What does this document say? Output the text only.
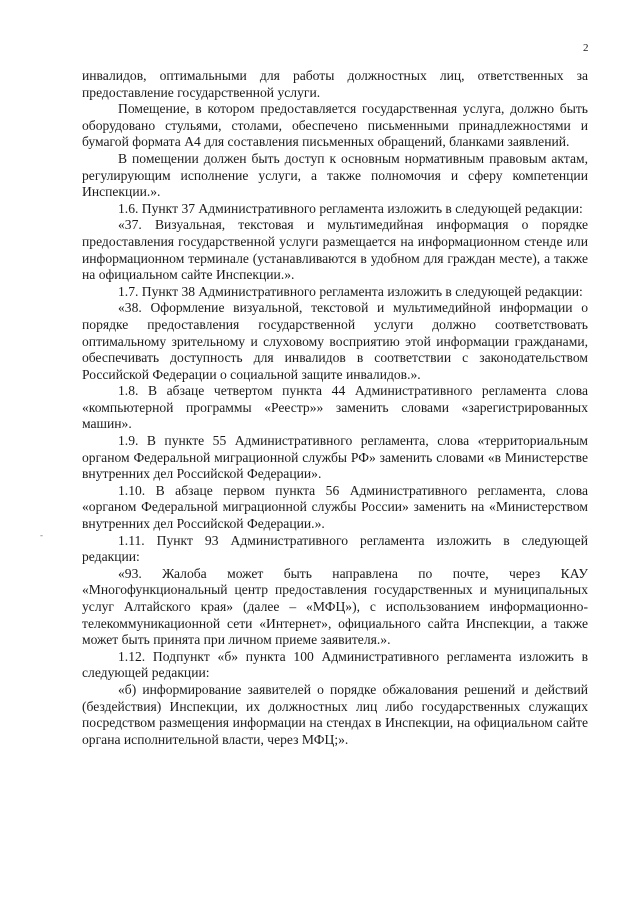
2
-

инвалидов, оптимальными для работы должностных лиц, ответственных за предоставление государственной услуги.

Помещение, в котором предоставляется государственная услуга, должно быть оборудовано стульями, столами, обеспечено письменными принадлежностями и бумагой формата А4 для составления письменных обращений, бланками заявлений.

В помещении должен быть доступ к основным нормативным правовым актам, регулирующим исполнение услуги, а также полномочия и сферу компетенции Инспекции.».

1.6. Пункт 37 Административного регламента изложить в следующей редакции:

«37. Визуальная, текстовая и мультимедийная информация о порядке предоставления государственной услуги размещается на информационном стенде или информационном терминале (устанавливаются в удобном для граждан месте), а также на официальном сайте Инспекции.».

1.7. Пункт 38 Административного регламента изложить в следующей редакции:

«38. Оформление визуальной, текстовой и мультимедийной информации о порядке предоставления государственной услуги должно соответствовать оптимальному зрительному и слуховому восприятию этой информации гражданами, обеспечивать доступность для инвалидов в соответствии с законодательством Российской Федерации о социальной защите инвалидов.».

1.8. В абзаце четвертом пункта 44 Административного регламента слова «компьютерной программы «Реестр»» заменить словами «зарегистрированных машин».

1.9. В пункте 55 Административного регламента, слова «территориальным органом Федеральной миграционной службы РФ» заменить словами «в Министерстве внутренних дел Российской Федерации».

1.10. В абзаце первом пункта 56 Административного регламента, слова «органом Федеральной миграционной службы России» заменить на «Министерством внутренних дел Российской Федерации.».

1.11. Пункт 93 Административного регламента изложить в следующей редакции:

«93. Жалоба может быть направлена по почте, через КАУ «Многофункциональный центр предоставления государственных и муниципальных услуг Алтайского края» (далее – «МФЦ»), с использованием информационно-телекоммуникационной сети «Интернет», официального сайта Инспекции, а также может быть принята при личном приеме заявителя.».

1.12. Подпункт «б» пункта 100 Административного регламента изложить в следующей редакции:

«б) информирование заявителей о порядке обжалования решений и действий (бездействия) Инспекции, их должностных лиц либо государственных служащих посредством размещения информации на стендах в Инспекции, на официальном сайте органа исполнительной власти, через МФЦ;».
